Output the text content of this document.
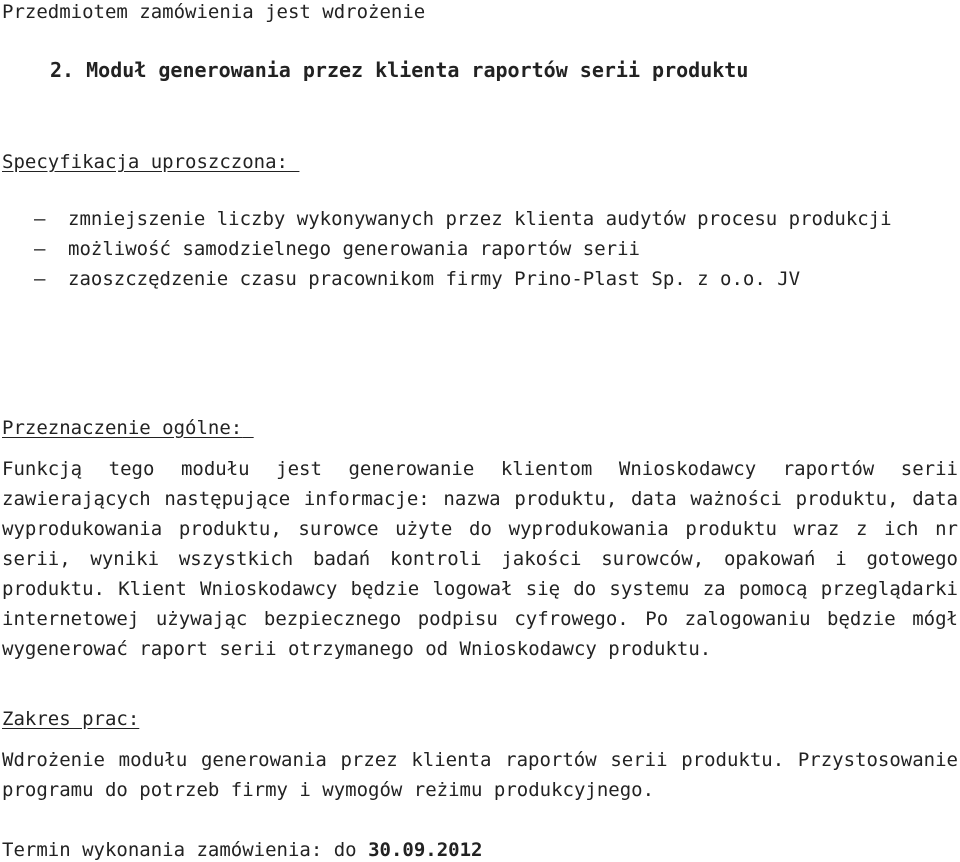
Przedmiotem zamówienia jest wdrożenie
2. Moduł generowania przez klienta raportów serii produktu
Specyfikacja uproszczona:
– zmniejszenie liczby wykonywanych przez klienta audytów procesu produkcji
– możliwość samodzielnego generowania raportów serii
– zaoszczędzenie czasu pracownikom firmy Prino-Plast Sp. z o.o. JV
Przeznaczenie ogólne:
Funkcją tego modułu jest generowanie klientom Wnioskodawcy raportów serii
zawierających następujące informacje: nazwa produktu, data ważności produktu, data
wyprodukowania produktu, surowce użyte do wyprodukowania produktu wraz z ich nr
serii, wyniki wszystkich badań kontroli jakości surowców, opakowań i gotowego
produktu. Klient Wnioskodawcy będzie logował się do systemu za pomocą przeglądarki
internetowej używając bezpiecznego podpisu cyfrowego. Po zalogowaniu będzie mógł
wygenerować raport serii otrzymanego od Wnioskodawcy produktu.
Zakres prac:
Wdrożenie modułu generowania przez klienta raportów serii produktu. Przystosowanie
programu do potrzeb firmy i wymogów reżimu produkcyjnego.
Termin wykonania zamówienia: do 30.09.2012
